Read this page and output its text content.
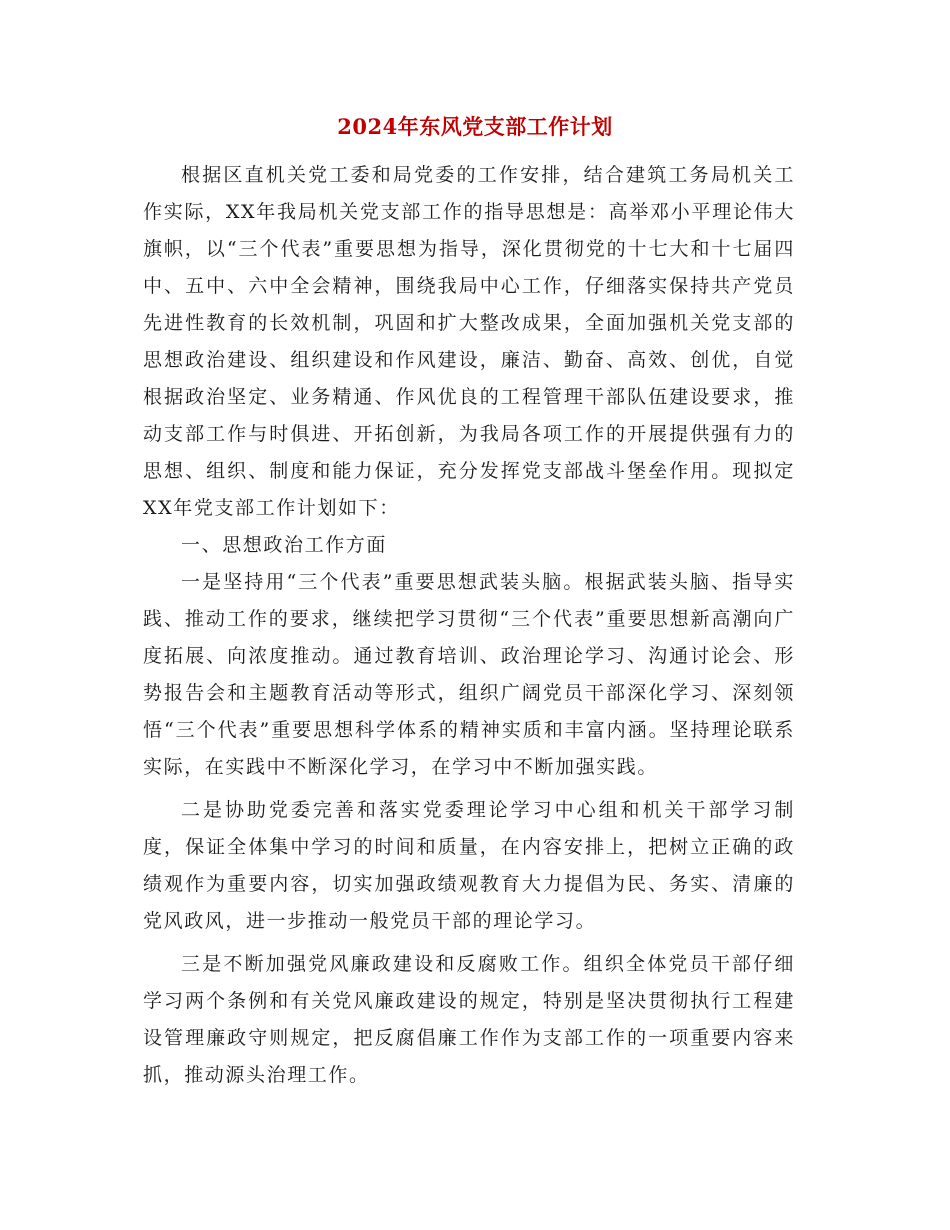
2024年东风党支部工作计划

根据区直机关党工委和局党委的工作安排，结合建筑工务局机关工作实际，XX年我局机关党支部工作的指导思想是：高举邓小平理论伟大旗帜，以“三个代表”重要思想为指导，深化贯彻党的十七大和十七届四中、五中、六中全会精神，围绕我局中心工作，仔细落实保持共产党员先进性教育的长效机制，巩固和扩大整改成果，全面加强机关党支部的思想政治建设、组织建设和作风建设，廉洁、勤奋、高效、创优，自觉根据政治坚定、业务精通、作风优良的工程管理干部队伍建设要求，推动支部工作与时俱进、开拓创新，为我局各项工作的开展提供强有力的思想、组织、制度和能力保证，充分发挥党支部战斗堡垒作用。现拟定XX年党支部工作计划如下：

一、思想政治工作方面

一是坚持用“三个代表”重要思想武装头脑。根据武装头脑、指导实践、推动工作的要求，继续把学习贯彻“三个代表”重要思想新高潮向广度拓展、向浓度推动。通过教育培训、政治理论学习、沟通讨论会、形势报告会和主题教育活动等形式，组织广阔党员干部深化学习、深刻领悟“三个代表”重要思想科学体系的精神实质和丰富内涵。坚持理论联系实际，在实践中不断深化学习，在学习中不断加强实践。

二是协助党委完善和落实党委理论学习中心组和机关干部学习制度，保证全体集中学习的时间和质量，在内容安排上，把树立正确的政绩观作为重要内容，切实加强政绩观教育大力提倡为民、务实、清廉的党风政风，进一步推动一般党员干部的理论学习。

三是不断加强党风廉政建设和反腐败工作。组织全体党员干部仔细学习两个条例和有关党风廉政建设的规定，特别是坚决贯彻执行工程建设管理廉政守则规定，把反腐倡廉工作作为支部工作的一项重要内容来抓，推动源头治理工作。
